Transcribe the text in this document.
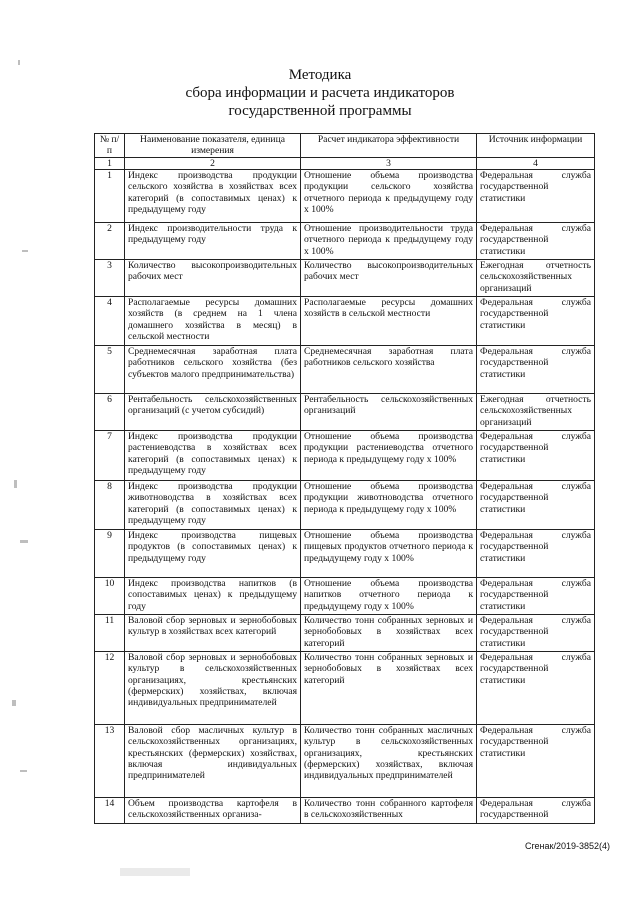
Методика
сбора информации и расчета индикаторов
государственной программы
№ п/п	Наименование показателя, единица измерения	Расчет индикатора эффективности	Источник информации
1	2	3	4
1	Индекс производства продукции сельского хозяйства в хозяйствах всех категорий (в сопоставимых ценах) к предыдущему году	Отношение объема производства продукции сельского хозяйства отчетного периода к предыдущему году х 100%	Федеральная служба государственной статистики
2	Индекс производительности труда к предыдущему году	Отношение производительности труда отчетного периода к предыдущему году х 100%	Федеральная служба государственной статистики
3	Количество высокопроизводительных рабочих мест	Количество высокопроизводительных рабочих мест	Ежегодная отчетность сельскохозяйственных организаций
4	Располагаемые ресурсы домашних хозяйств (в среднем на 1 члена домашнего хозяйства в месяц) в сельской местности	Располагаемые ресурсы домашних хозяйств в сельской местности	Федеральная служба государственной статистики
5	Среднемесячная заработная плата работников сельского хозяйства (без субъектов малого предпринимательства)	Среднемесячная заработная плата работников сельского хозяйства	Федеральная служба государственной статистики
6	Рентабельность сельскохозяйственных организаций (с учетом субсидий)	Рентабельность сельскохозяйственных организаций	Ежегодная отчетность сельскохозяйственных организаций
7	Индекс производства продукции растениеводства в хозяйствах всех категорий (в сопоставимых ценах) к предыдущему году	Отношение объема производства продукции растениеводства отчетного периода к предыдущему году х 100%	Федеральная служба государственной статистики
8	Индекс производства продукции животноводства в хозяйствах всех категорий (в сопоставимых ценах) к предыдущему году	Отношение объема производства продукции животноводства отчетного периода к предыдущему году х 100%	Федеральная служба государственной статистики
9	Индекс производства пищевых продуктов (в сопоставимых ценах) к предыдущему году	Отношение объема производства пищевых продуктов отчетного периода к предыдущему году х 100%	Федеральная служба государственной статистики
10	Индекс производства напитков (в сопоставимых ценах) к предыдущему году	Отношение объема производства напитков отчетного периода к предыдущему году х 100%	Федеральная служба государственной статистики
11	Валовой сбор зерновых и зернобобовых культур в хозяйствах всех категорий	Количество тонн собранных зерновых и зернобобовых в хозяйствах всех категорий	Федеральная служба государственной статистики
12	Валовой сбор зерновых и зернобобовых культур в сельскохозяйственных организациях, крестьянских (фермерских) хозяйствах, включая индивидуальных предпринимателей	Количество тонн собранных зерновых и зернобобовых в хозяйствах всех категорий	Федеральная служба государственной статистики
13	Валовой сбор масличных культур в сельскохозяйственных организациях, крестьянских (фермерских) хозяйствах, включая индивидуальных предпринимателей	Количество тонн собранных масличных культур в сельскохозяйственных организациях, крестьянских (фермерских) хозяйствах, включая индивидуальных предпринимателей	Федеральная служба государственной статистики
14	Объем производства картофеля в сельскохозяйственных организа-	Количество тонн собранного картофеля в сельскохозяйственных	Федеральная служба государственной
Сгенак/2019-3852(4)
